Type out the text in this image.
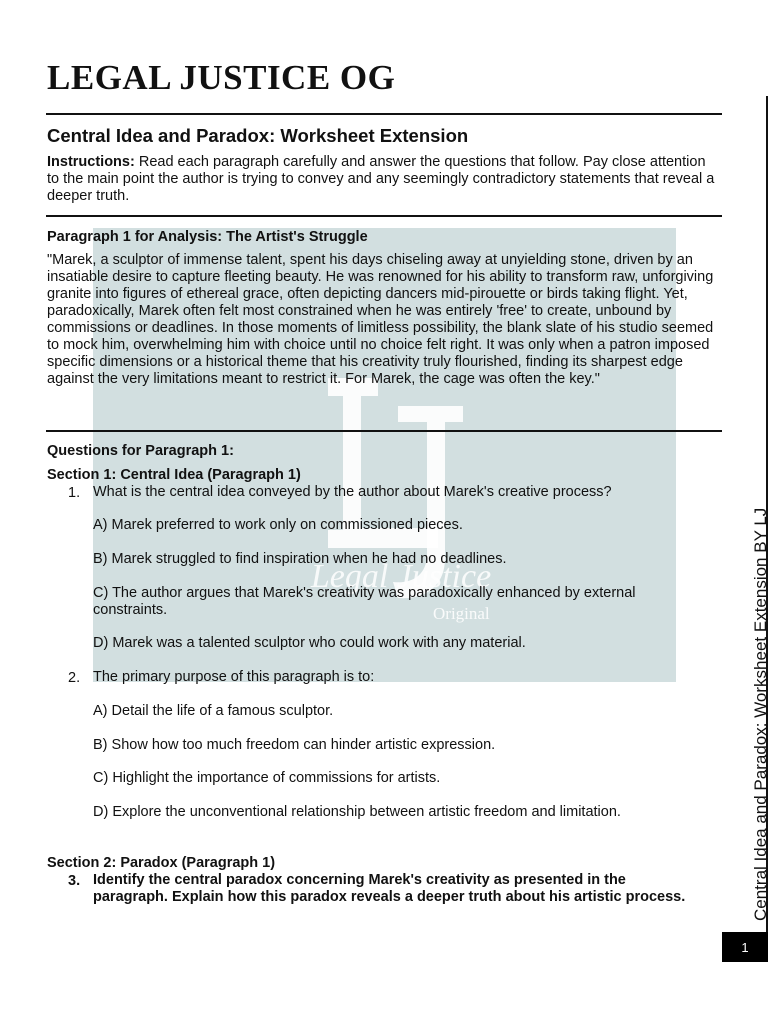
LEGAL JUSTICE OG
Central Idea and Paradox: Worksheet Extension

Instructions: Read each paragraph carefully and answer the questions that follow. Pay close attention to the main point the author is trying to convey and any seemingly contradictory statements that reveal a deeper truth.

Legal Justice
Original
Paragraph 1 for Analysis: The Artist's Struggle

"Marek, a sculptor of immense talent, spent his days chiseling away at unyielding stone, driven by an insatiable desire to capture fleeting beauty. He was renowned for his ability to transform raw, unforgiving granite into figures of ethereal grace, often depicting dancers mid-pirouette or birds taking flight. Yet, paradoxically, Marek often felt most constrained when he was entirely 'free' to create, unbound by commissions or deadlines. In those moments of limitless possibility, the blank slate of his studio seemed to mock him, overwhelming him with choice until no choice felt right. It was only when a patron imposed specific dimensions or a historical theme that his creativity truly flourished, finding its sharpest edge against the very limitations meant to restrict it. For Marek, the cage was often the key."

Questions for Paragraph 1:
Section 1: Central Idea (Paragraph 1)
1. What is the central idea conveyed by the author about Marek's creative process?
A) Marek preferred to work only on commissioned pieces.
B) Marek struggled to find inspiration when he had no deadlines.
C) The author argues that Marek's creativity was paradoxically enhanced by external constraints.
D) Marek was a talented sculptor who could work with any material.
2. The primary purpose of this paragraph is to:
A) Detail the life of a famous sculptor.
B) Show how too much freedom can hinder artistic expression.
C) Highlight the importance of commissions for artists.
D) Explore the unconventional relationship between artistic freedom and limitation.
Section 2: Paradox (Paragraph 1)
3. Identify the central paradox concerning Marek's creativity as presented in the paragraph. Explain how this paradox reveals a deeper truth about his artistic process.	Central Idea and Paradox: Worksheet Extension BY LJ
1
